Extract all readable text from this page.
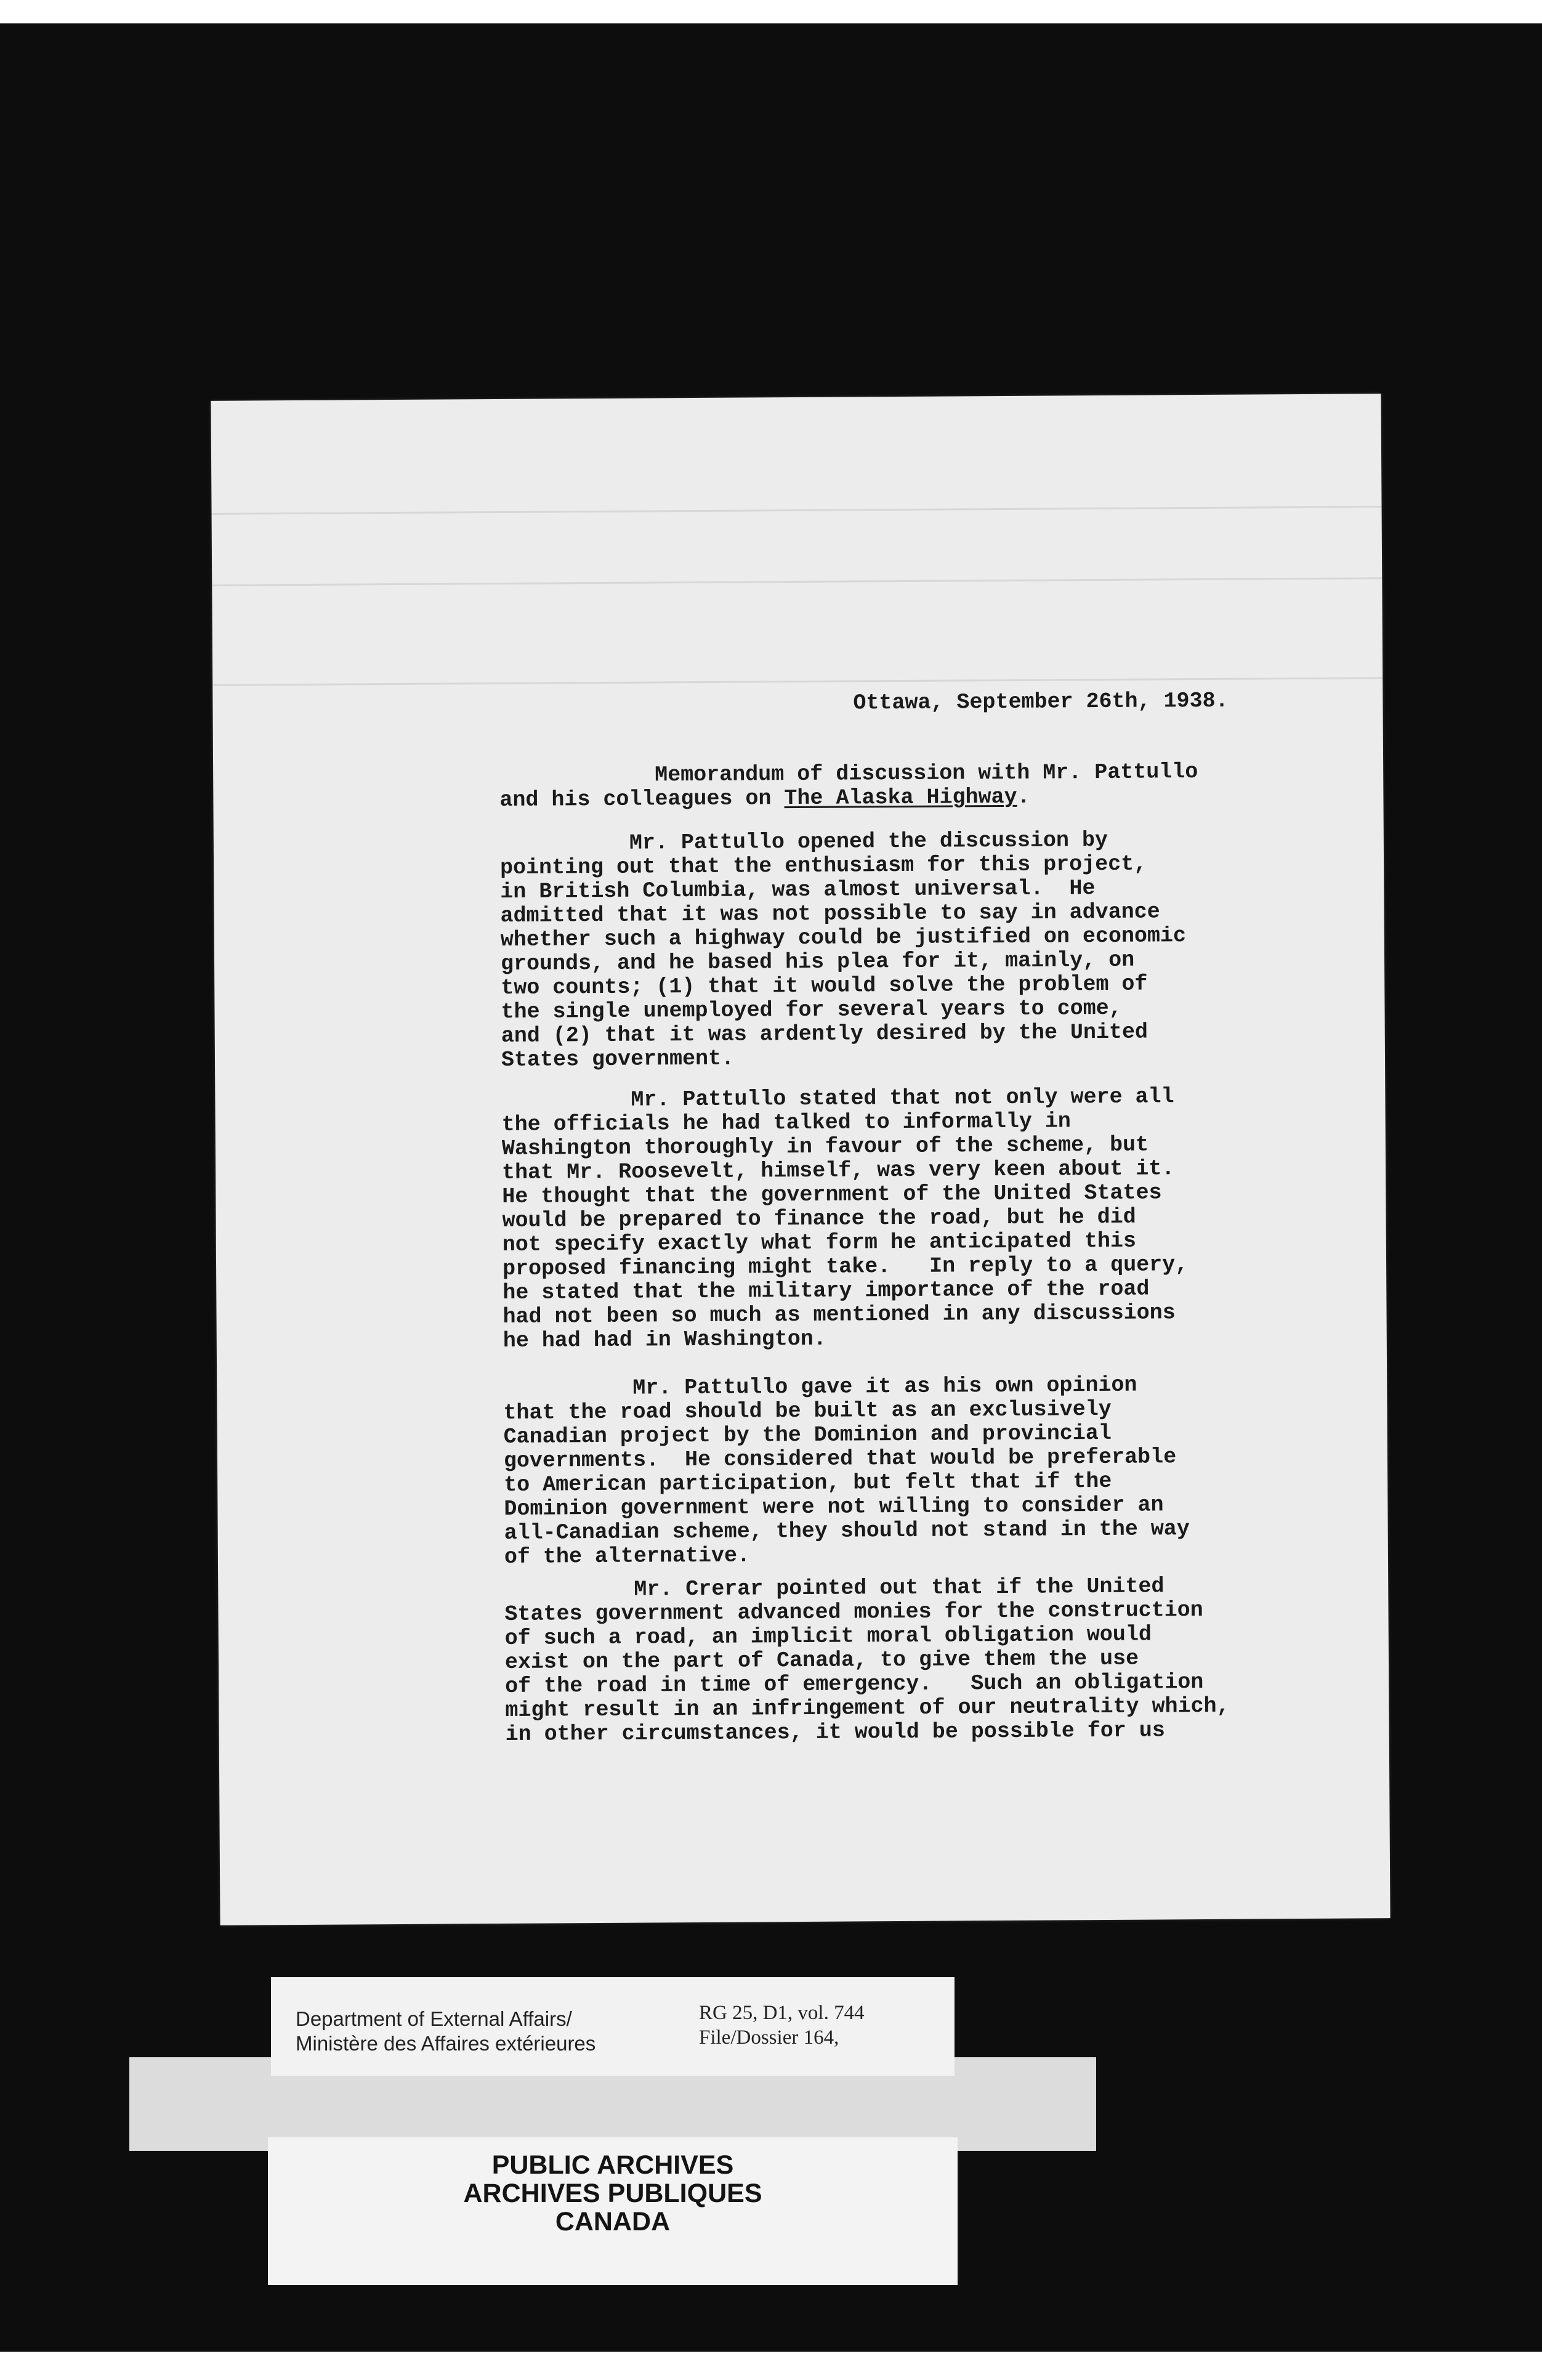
Ottawa, September 26th, 1938.

Memorandum of discussion with Mr. Pattullo
and his colleagues on The Alaska Highway.

Mr. Pattullo opened the discussion by
pointing out that the enthusiasm for this project,
in British Columbia, was almost universal.  He
admitted that it was not possible to say in advance
whether such a highway could be justified on economic
grounds, and he based his plea for it, mainly, on
two counts; (1) that it would solve the problem of
the single unemployed for several years to come,
and (2) that it was ardently desired by the United
States government.

Mr. Pattullo stated that not only were all
the officials he had talked to informally in
Washington thoroughly in favour of the scheme, but
that Mr. Roosevelt, himself, was very keen about it.
He thought that the government of the United States
would be prepared to finance the road, but he did
not specify exactly what form he anticipated this
proposed financing might take.   In reply to a query,
he stated that the military importance of the road
had not been so much as mentioned in any discussions
he had had in Washington.

Mr. Pattullo gave it as his own opinion
that the road should be built as an exclusively
Canadian project by the Dominion and provincial
governments.  He considered that would be preferable
to American participation, but felt that if the
Dominion government were not willing to consider an
all-Canadian scheme, they should not stand in the way
of the alternative.

Mr. Crerar pointed out that if the United
States government advanced monies for the construction
of such a road, an implicit moral obligation would
exist on the part of Canada, to give them the use
of the road in time of emergency.   Such an obligation
might result in an infringement of our neutrality which,
in other circumstances, it would be possible for us

Department of External Affairs/
Ministère des Affaires extérieures

RG 25, D1, vol. 744
File/Dossier 164,

PUBLIC ARCHIVES
ARCHIVES PUBLIQUES
CANADA
